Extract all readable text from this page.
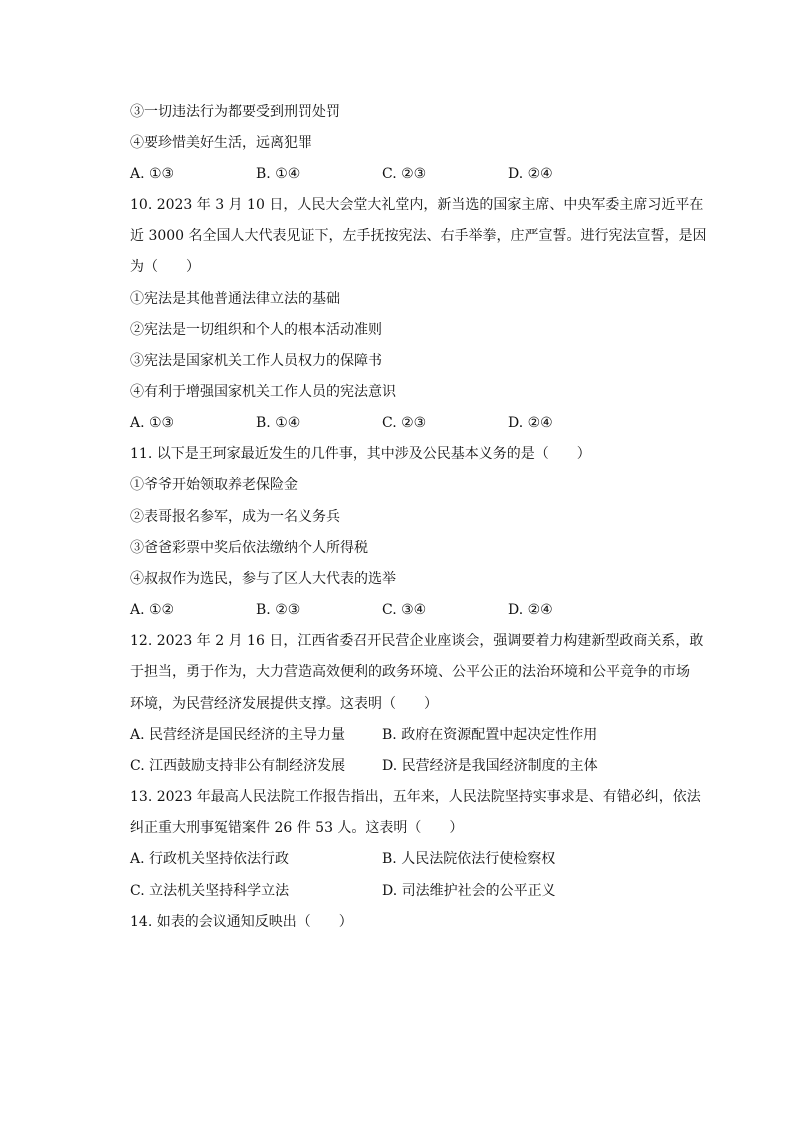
③一切违法行为都要受到刑罚处罚
④要珍惜美好生活，远离犯罪
A. ①③	B. ①④	C. ②③	D. ②④
10. 2023 年 3 月 10 日，人民大会堂大礼堂内，新当选的国家主席、中央军委主席习近平在
近 3000 名全国人大代表见证下，左手抚按宪法、右手举拳，庄严宣誓。进行宪法宣誓，是因
为（　　）
①宪法是其他普通法律立法的基础
②宪法是一切组织和个人的根本活动准则
③宪法是国家机关工作人员权力的保障书
④有利于增强国家机关工作人员的宪法意识
A. ①③	B. ①④	C. ②③	D. ②④
11. 以下是王珂家最近发生的几件事，其中涉及公民基本义务的是（　　）
①爷爷开始领取养老保险金
②表哥报名参军，成为一名义务兵
③爸爸彩票中奖后依法缴纳个人所得税
④叔叔作为选民，参与了区人大代表的选举
A. ①②	B. ②③	C. ③④	D. ②④
12. 2023 年 2 月 16 日，江西省委召开民营企业座谈会，强调要着力构建新型政商关系，敢
于担当，勇于作为，大力营造高效便利的政务环境、公平公正的法治环境和公平竞争的市场
环境，为民营经济发展提供支撑。这表明（　　）
A. 民营经济是国民经济的主导力量	B. 政府在资源配置中起决定性作用
C. 江西鼓励支持非公有制经济发展	D. 民营经济是我国经济制度的主体
13. 2023 年最高人民法院工作报告指出，五年来，人民法院坚持实事求是、有错必纠，依法
纠正重大刑事冤错案件 26 件 53 人。这表明（　　）
A. 行政机关坚持依法行政	B. 人民法院依法行使检察权
C. 立法机关坚持科学立法	D. 司法维护社会的公平正义
14. 如表的会议通知反映出（　　）
